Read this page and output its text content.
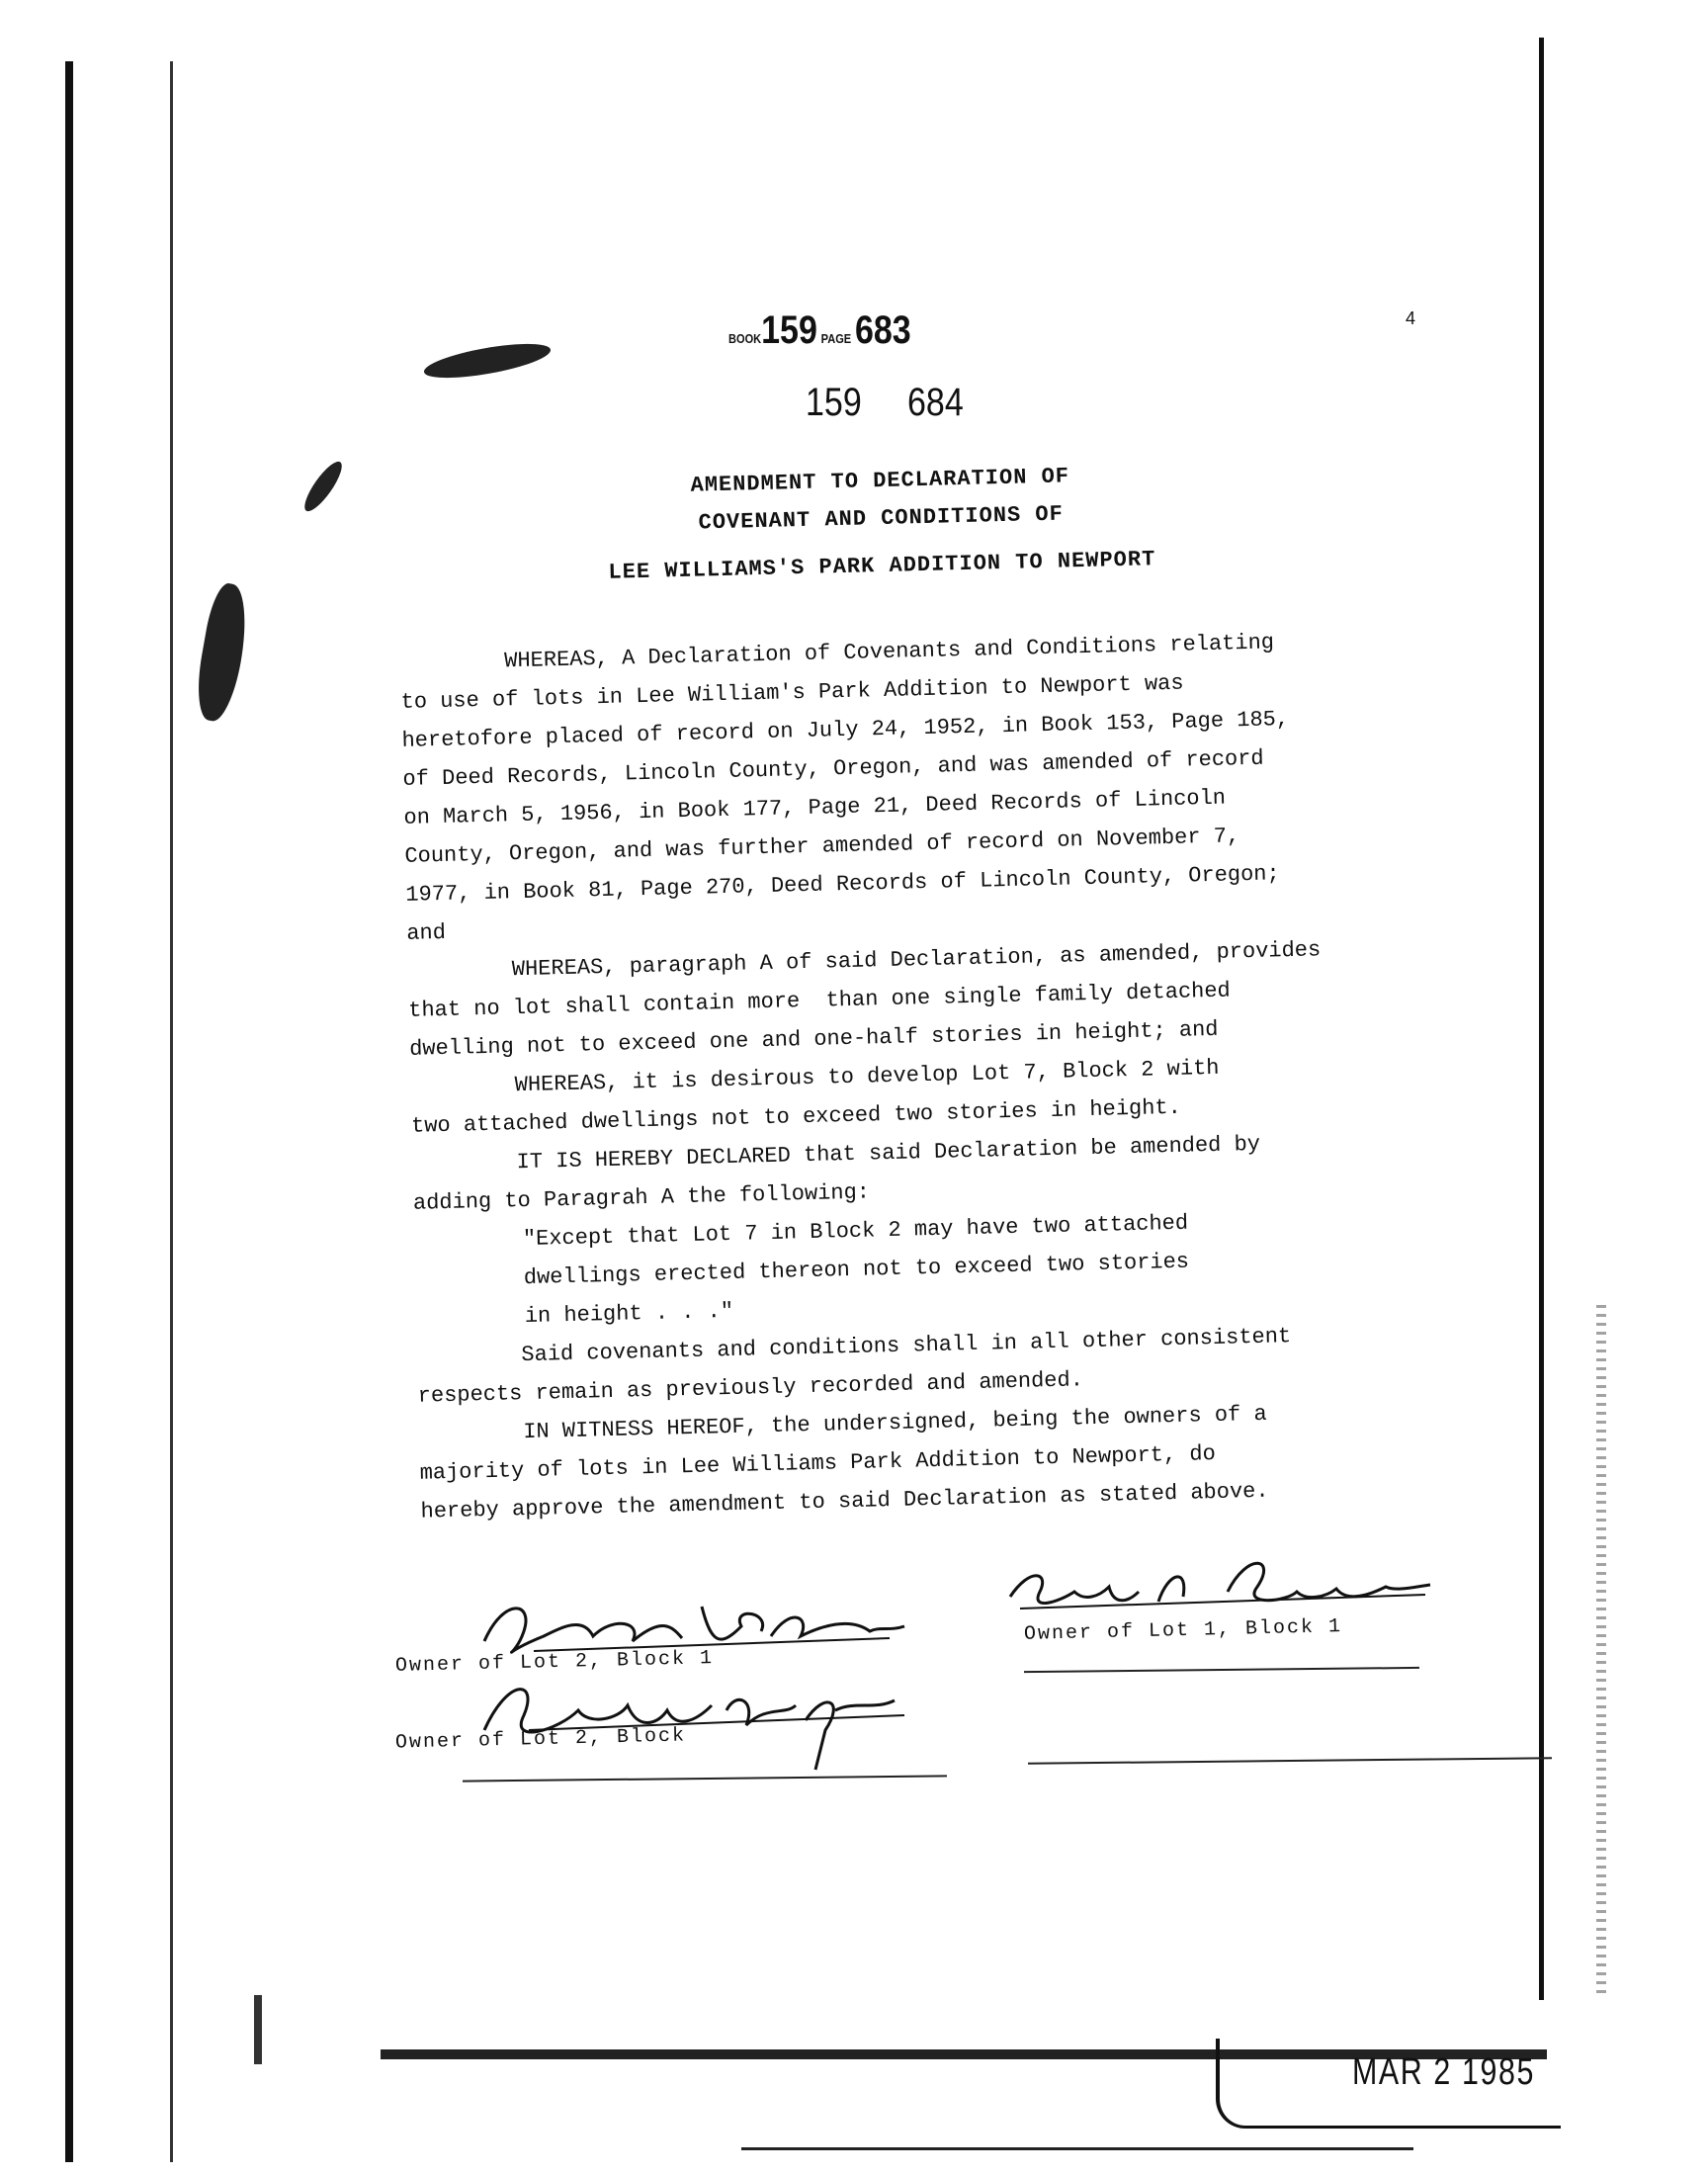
BOOK159 PAGE 683
159 684
4
AMENDMENT TO DECLARATION OF
COVENANT AND CONDITIONS OF
LEE WILLIAMS'S PARK ADDITION TO NEWPORT

WHEREAS, A Declaration of Covenants and Conditions relating
to use of lots in Lee William's Park Addition to Newport was
heretofore placed of record on July 24, 1952, in Book 153, Page 185,
of Deed Records, Lincoln County, Oregon, and was amended of record
on March 5, 1956, in Book 177, Page 21, Deed Records of Lincoln
County, Oregon, and was further amended of record on November 7,
1977, in Book 81, Page 270, Deed Records of Lincoln County, Oregon;
and

WHEREAS, paragraph A of said Declaration, as amended, provides
that no lot shall contain more  than one single family detached
dwelling not to exceed one and one-half stories in height; and

WHEREAS, it is desirous to develop Lot 7, Block 2 with
two attached dwellings not to exceed two stories in height.

IT IS HEREBY DECLARED that said Declaration be amended by
adding to Paragrah A the following:

"Except that Lot 7 in Block 2 may have two attached
dwellings erected thereon not to exceed two stories
in height . . ."

Said covenants and conditions shall in all other consistent
respects remain as previously recorded and amended.

IN WITNESS HEREOF, the undersigned, being the owners of a
majority of lots in Lee Williams Park Addition to Newport, do
hereby approve the amendment to said Declaration as stated above.

Owner of Lot 2, Block 1
Owner of Lot 2, Block
Owner of Lot 1, Block 1
MAR 2 1985
